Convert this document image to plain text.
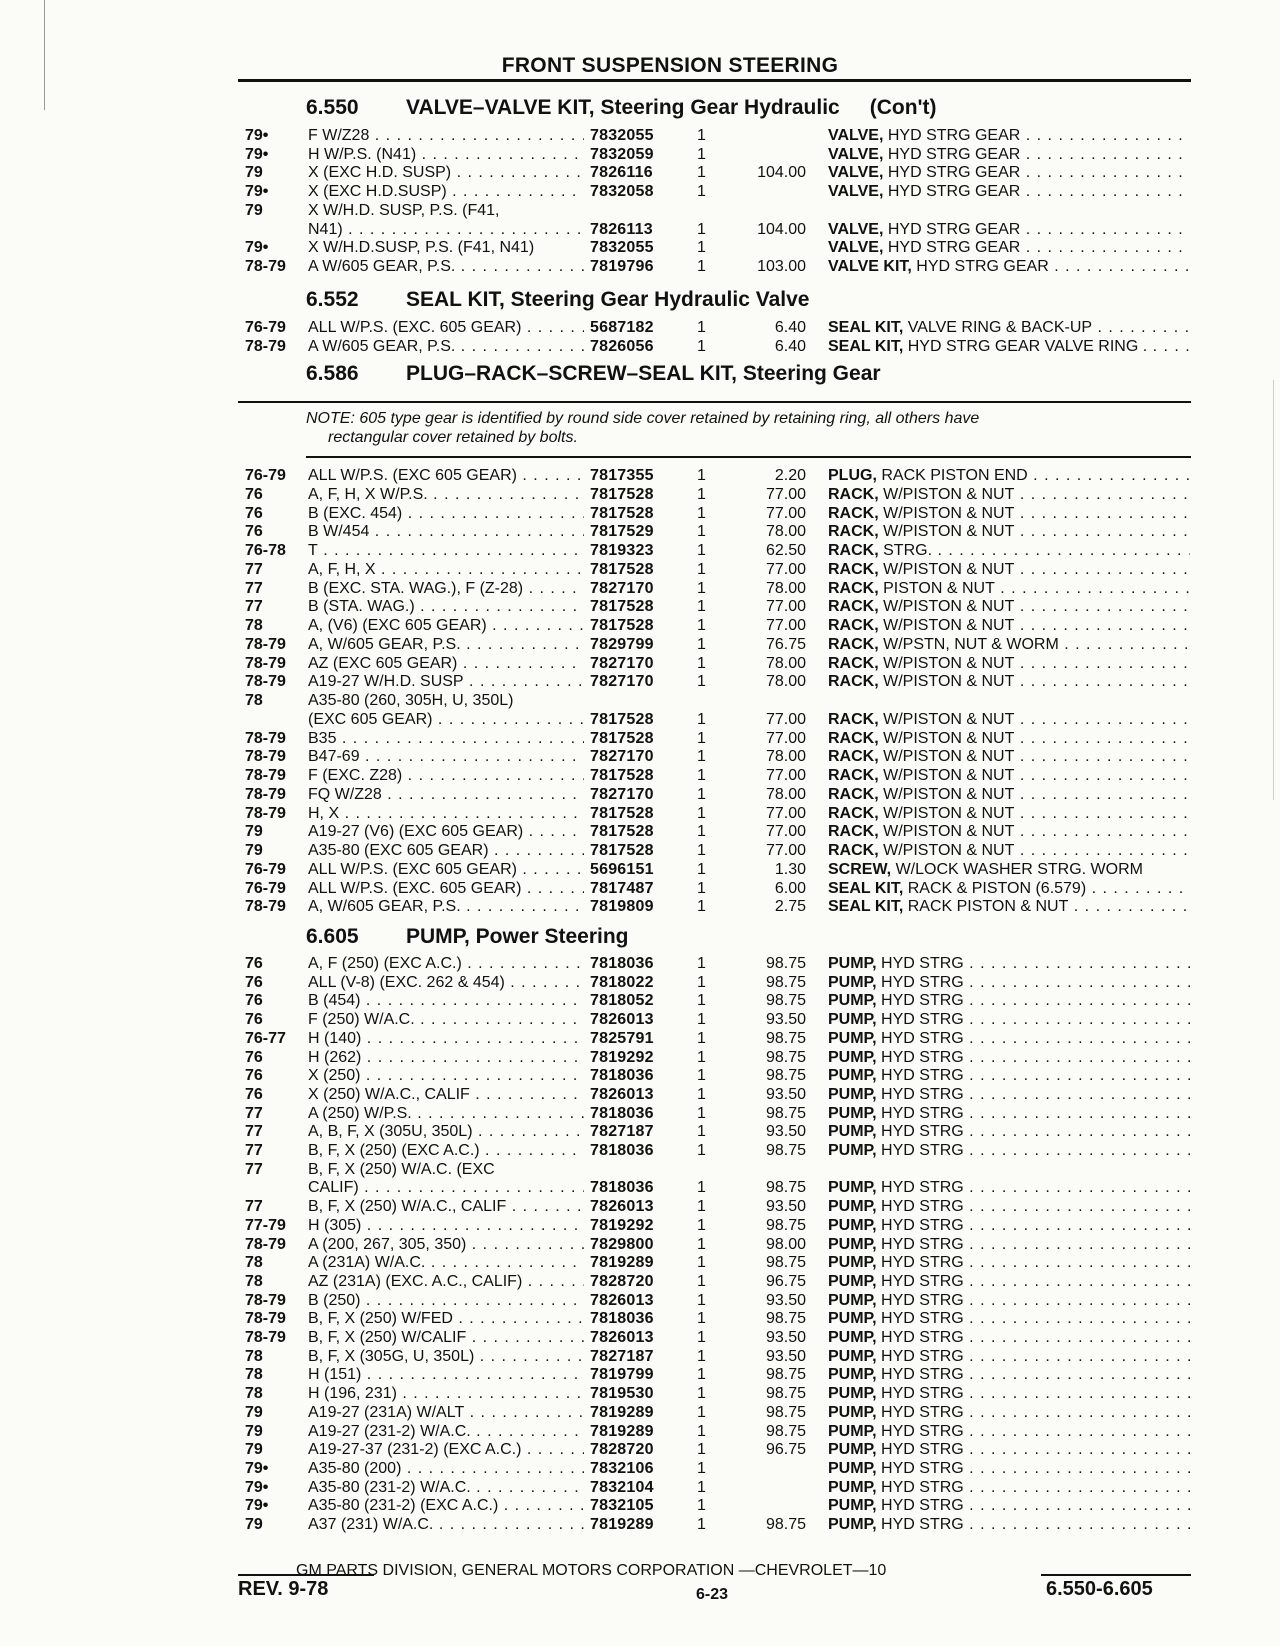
FRONT SUSPENSION STEERING
6.550 VALVE–VALVE KIT, Steering Gear Hydraulic (Con't)
79• F W/Z28 . . .	7832055	1	VALVE, HYD STRG GEAR . . .
79• H W/P.S. (N41) . . .	7832059	1	VALVE, HYD STRG GEAR . . .
79	X (EXC H.D. SUSP) . . .	7826116	1	104.00 VALVE, HYD STRG GEAR . . .
79• X (EXC H.D.SUSP) . . .	7832058	1	VALVE, HYD STRG GEAR . . .
79	X W/H.D. SUSP, P.S. (F41,
N41) . . .	7826113	1	104.00 VALVE, HYD STRG GEAR . . .
79• X W/H.D.SUSP, P.S. (F41, N41)	7832055	1	VALVE, HYD STRG GEAR . . .
78-79 A W/605 GEAR, P.S. . . .	7819796	1	103.00 VALVE KIT, HYD STRG GEAR . . .
6.552 SEAL KIT, Steering Gear Hydraulic Valve
76-79 ALL W/P.S. (EXC. 605 GEAR) . . .	5687182	1	6.40 SEAL KIT, VALVE RING & BACK-UP . . .
78-79 A W/605 GEAR, P.S. . . .	7826056	1	6.40 SEAL KIT, HYD STRG GEAR VALVE RING . . . .
6.586 PLUG–RACK–SCREW–SEAL KIT, Steering Gear
NOTE: 605 type gear is identified by round side cover retained by retaining ring, all others have
rectangular cover retained by bolts.
76-79 ALL W/P.S. (EXC 605 GEAR) . . .	7817355	1	2.20 PLUG, RACK PISTON END . . .
76	A, F, H, X W/P.S. . . .	7817528	1	77.00 RACK, W/PISTON & NUT . . .
76	B (EXC. 454) . . .	7817528	1	77.00 RACK, W/PISTON & NUT . . .
76	B W/454 . . .	7817529	1	78.00 RACK, W/PISTON & NUT . . .
76-78 T . . .	7819323	1	62.50 RACK, STRG. . . .
77	A, F, H, X . . .	7817528	1	77.00 RACK, W/PISTON & NUT . . .
77	B (EXC. STA. WAG.), F (Z-28) . . .	7827170	1	78.00 RACK, PISTON & NUT . . .
77	B (STA. WAG.) . . .	7817528	1	77.00 RACK, W/PISTON & NUT . . .
78	A, (V6) (EXC 605 GEAR) . . .	7817528	1	77.00 RACK, W/PISTON & NUT . . .
78-79 A, W/605 GEAR, P.S. . . .	7829799	1	76.75 RACK, W/PSTN, NUT & WORM . . .
78-79 AZ (EXC 605 GEAR) . . .	7827170	1	78.00 RACK, W/PISTON & NUT . . .
78-79 A19-27 W/H.D. SUSP . . .	7827170	1	78.00 RACK, W/PISTON & NUT . . .
78	A35-80 (260, 305H, U, 350L)
(EXC 605 GEAR) . . .	7817528	1	77.00 RACK, W/PISTON & NUT . . .
78-79 B35 . . .	7817528	1	77.00 RACK, W/PISTON & NUT . . .
78-79 B47-69 . . .	7827170	1	78.00 RACK, W/PISTON & NUT . . .
78-79 F (EXC. Z28) . . .	7817528	1	77.00 RACK, W/PISTON & NUT . . .
78-79 FQ W/Z28 . . .	7827170	1	78.00 RACK, W/PISTON & NUT . . .
78-79 H, X . . .	7817528	1	77.00 RACK, W/PISTON & NUT . . .
79	A19-27 (V6) (EXC 605 GEAR) . . .	7817528	1	77.00 RACK, W/PISTON & NUT . . .
79	A35-80 (EXC 605 GEAR) . . .	7817528	1	77.00 RACK, W/PISTON & NUT . . .
76-79 ALL W/P.S. (EXC 605 GEAR) . . .	5696151	1	1.30 SCREW, W/LOCK WASHER STRG. WORM
76-79 ALL W/P.S. (EXC. 605 GEAR) . . .	7817487	1	6.00 SEAL KIT, RACK & PISTON (6.579) . . .
78-79 A, W/605 GEAR, P.S. . . .	7819809	1	2.75 SEAL KIT, RACK PISTON & NUT . . .
6.605 PUMP, Power Steering
76	A, F (250) (EXC A.C.) . . .	7818036	1	98.75 PUMP, HYD STRG . . .
76	ALL (V-8) (EXC. 262 & 454) . . .	7818022	1	98.75 PUMP, HYD STRG . . .
76	B (454) . . .	7818052	1	98.75 PUMP, HYD STRG . . .
76	F (250) W/A.C. . . .	7826013	1	93.50 PUMP, HYD STRG . . .
76-77 H (140) . . .	7825791	1	98.75 PUMP, HYD STRG . . .
76	H (262) . . .	7819292	1	98.75 PUMP, HYD STRG . . .
76	X (250) . . .	7818036	1	98.75 PUMP, HYD STRG . . .
76	X (250) W/A.C., CALIF . . .	7826013	1	93.50 PUMP, HYD STRG . . .
77	A (250) W/P.S. . . .	7818036	1	98.75 PUMP, HYD STRG . . .
77	A, B, F, X (305U, 350L) . . .	7827187	1	93.50 PUMP, HYD STRG . . .
77	B, F, X (250) (EXC A.C.) . . .	7818036	1	98.75 PUMP, HYD STRG . . .
77	B, F, X (250) W/A.C. (EXC
CALIF) . . .	7818036	1	98.75 PUMP, HYD STRG . . .
77	B, F, X (250) W/A.C., CALIF . . .	7826013	1	93.50 PUMP, HYD STRG . . .
77-79 H (305) . . .	7819292	1	98.75 PUMP, HYD STRG . . .
78-79 A (200, 267, 305, 350) . . .	7829800	1	98.00 PUMP, HYD STRG . . .
78	A (231A) W/A.C. . . .	7819289	1	98.75 PUMP, HYD STRG . . .
78	AZ (231A) (EXC. A.C., CALIF) . . .	7828720	1	96.75 PUMP, HYD STRG . . .
78-79 B (250) . . .	7826013	1	93.50 PUMP, HYD STRG . . .
78-79 B, F, X (250) W/FED . . .	7818036	1	98.75 PUMP, HYD STRG . . .
78-79 B, F, X (250) W/CALIF . . .	7826013	1	93.50 PUMP, HYD STRG . . .
78	B, F, X (305G, U, 350L) . . .	7827187	1	93.50 PUMP, HYD STRG . . .
78	H (151) . . .	7819799	1	98.75 PUMP, HYD STRG . . .
78	H (196, 231) . . .	7819530	1	98.75 PUMP, HYD STRG . . .
79	A19-27 (231A) W/ALT . . .	7819289	1	98.75 PUMP, HYD STRG . . .
79	A19-27 (231-2) W/A.C. . . .	7819289	1	98.75 PUMP, HYD STRG . . .
79	A19-27-37 (231-2) (EXC A.C.) . . .	7828720	1	96.75 PUMP, HYD STRG . . .
79• A35-80 (200) . . .	7832106	1	PUMP, HYD STRG . . .
79• A35-80 (231-2) W/A.C. . . .	7832104	1	PUMP, HYD STRG . . .
79• A35-80 (231-2) (EXC A.C.) . . .	7832105	1	PUMP, HYD STRG . . .
79	A37 (231) W/A.C. . . .	7819289	1	98.75 PUMP, HYD STRG . . .
GM PARTS DIVISION, GENERAL MOTORS CORPORATION —CHEVROLET—10
REV. 9-78	6-23	6.550-6.605
